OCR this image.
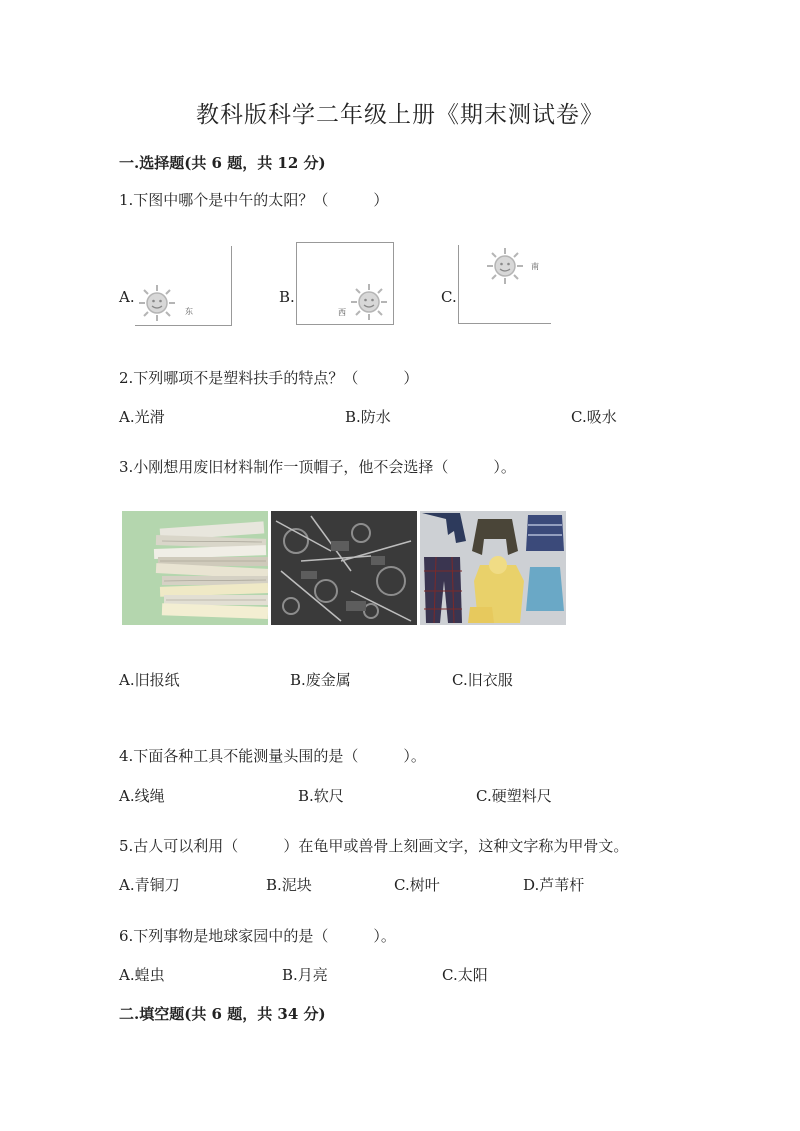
教科版科学二年级上册《期末测试卷》
一.选择题(共 6 题，共 12 分)
1.下图中哪个是中午的太阳？（　　　）
A.
东
B.
西
C.
南
2.下列哪项不是塑料扶手的特点？（　　　）
A.光滑	B.防水	C.吸水
3.小刚想用废旧材料制作一顶帽子，他不会选择（　　　）。
A.旧报纸	B.废金属	C.旧衣服
4.下面各种工具不能测量头围的是（　　　）。
A.线绳	B.软尺	C.硬塑料尺
5.古人可以利用（　　　）在龟甲或兽骨上刻画文字，这种文字称为甲骨文。
A.青铜刀	B.泥块	C.树叶	D.芦苇杆
6.下列事物是地球家园中的是（　　　）。
A.蝗虫	B.月亮	C.太阳
二.填空题(共 6 题，共 34 分)
